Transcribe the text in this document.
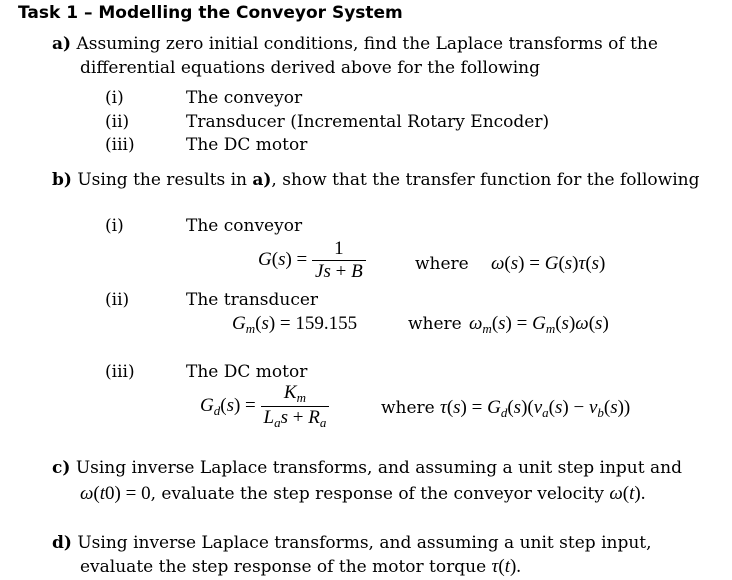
Task 1 – Modelling the Conveyor System
a) Assuming zero initial conditions, find the Laplace transforms of the
differential equations derived above for the following
(i)	The conveyor
(ii)	Transducer (Incremental Rotary Encoder)
(iii)	The DC motor
b) Using the results in a), show that the transfer function for the following
(i)	The conveyor
$G(s) = \frac{1}{Js + B}$	where ω(s) = G(s)τ(s)
(ii)	The transducer
$G_m(s) = 159.155$	where $\omega_m(s) = G_m(s)\omega(s)$
(iii)	The DC motor
$G_d(s) = \frac{K_m}{L_as + R_a}$	where $\tau(s) = G_d(s)(v_a(s) - v_b(s))$
c) Using inverse Laplace transforms, and assuming a unit step input and
ω(t0) = 0, evaluate the step response of the conveyor velocity ω(t).
d) Using inverse Laplace transforms, and assuming a unit step input,
evaluate the step response of the motor torque τ(t).
